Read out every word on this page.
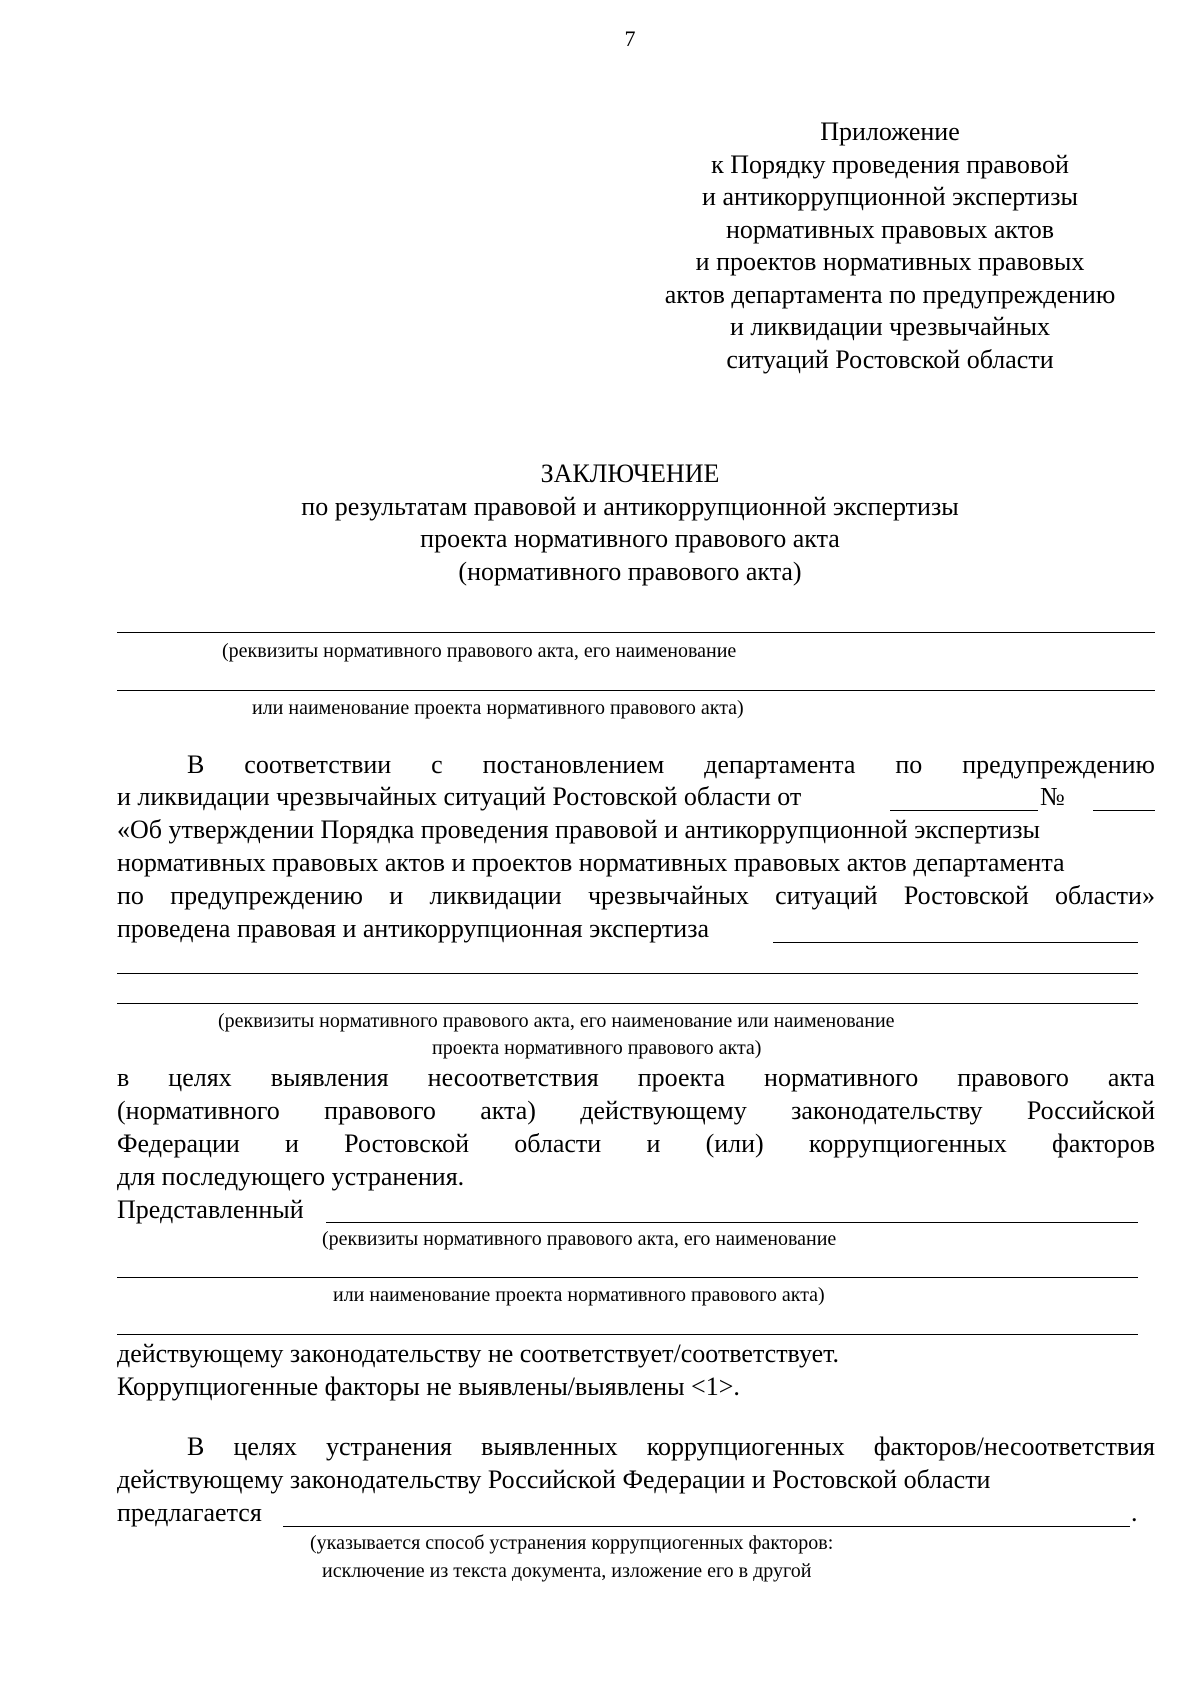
7
Приложение
к Порядку проведения правовой
и антикоррупционной экспертизы
нормативных правовых актов
и проектов нормативных правовых
актов департамента по предупреждению
и ликвидации чрезвычайных
ситуаций Ростовской области
ЗАКЛЮЧЕНИЕ
по результатам правовой и антикоррупционной экспертизы
проекта нормативного правового акта
(нормативного правового акта)
(реквизиты нормативного правового акта, его наименование
или наименование проекта нормативного правового акта)
В соответствии с постановлением департамента по предупреждению
и ликвидации чрезвычайных ситуаций Ростовской области от	№
«Об утверждении Порядка проведения правовой и антикоррупционной экспертизы
нормативных правовых актов и проектов нормативных правовых актов департамента
по предупреждению и ликвидации чрезвычайных ситуаций Ростовской области»
проведена правовая и антикоррупционная экспертиза
(реквизиты нормативного правового акта, его наименование или наименование
проекта нормативного правового акта)
в целях выявления несоответствия проекта нормативного правового акта
(нормативного правового акта) действующему законодательству Российской
Федерации и Ростовской области и (или) коррупциогенных факторов
для последующего устранения.
Представленный
(реквизиты нормативного правового акта, его наименование
или наименование проекта нормативного правового акта)
действующему законодательству не соответствует/соответствует.
Коррупциогенные факторы не выявлены/выявлены <1>.
В целях устранения выявленных коррупциогенных факторов/несоответствия
действующему законодательству Российской Федерации и Ростовской области
предлагается	.
(указывается способ устранения коррупциогенных факторов:
исключение из текста документа, изложение его в другой
